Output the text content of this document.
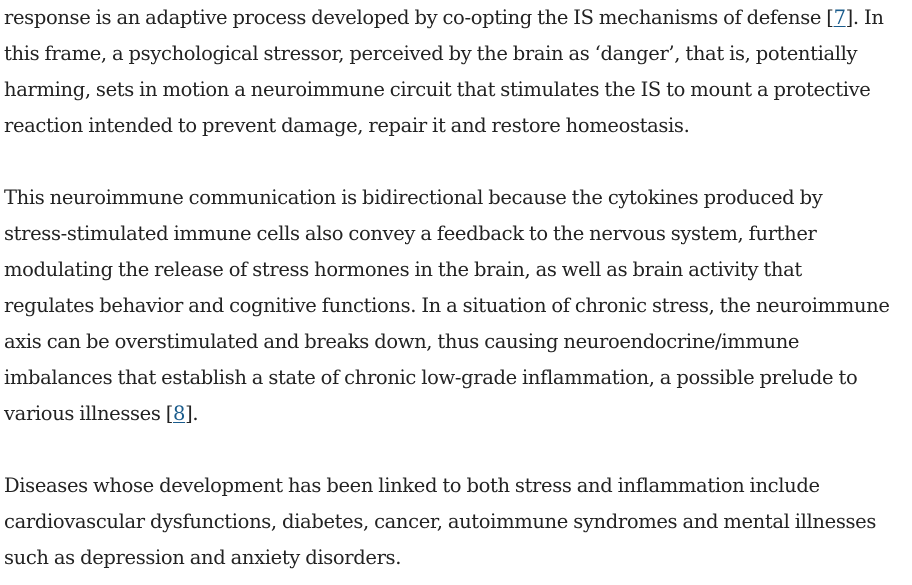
response is an adaptive process developed by co-opting the IS mechanisms of defense [7]. In
this frame, a psychological stressor, perceived by the brain as ‘danger’, that is, potentially
harming, sets in motion a neuroimmune circuit that stimulates the IS to mount a protective
reaction intended to prevent damage, repair it and restore homeostasis.

This neuroimmune communication is bidirectional because the cytokines produced by
stress-stimulated immune cells also convey a feedback to the nervous system, further
modulating the release of stress hormones in the brain, as well as brain activity that
regulates behavior and cognitive functions. In a situation of chronic stress, the neuroimmune
axis can be overstimulated and breaks down, thus causing neuroendocrine/immune
imbalances that establish a state of chronic low-grade inflammation, a possible prelude to
various illnesses [8].

Diseases whose development has been linked to both stress and inflammation include
cardiovascular dysfunctions, diabetes, cancer, autoimmune syndromes and mental illnesses
such as depression and anxiety disorders.
